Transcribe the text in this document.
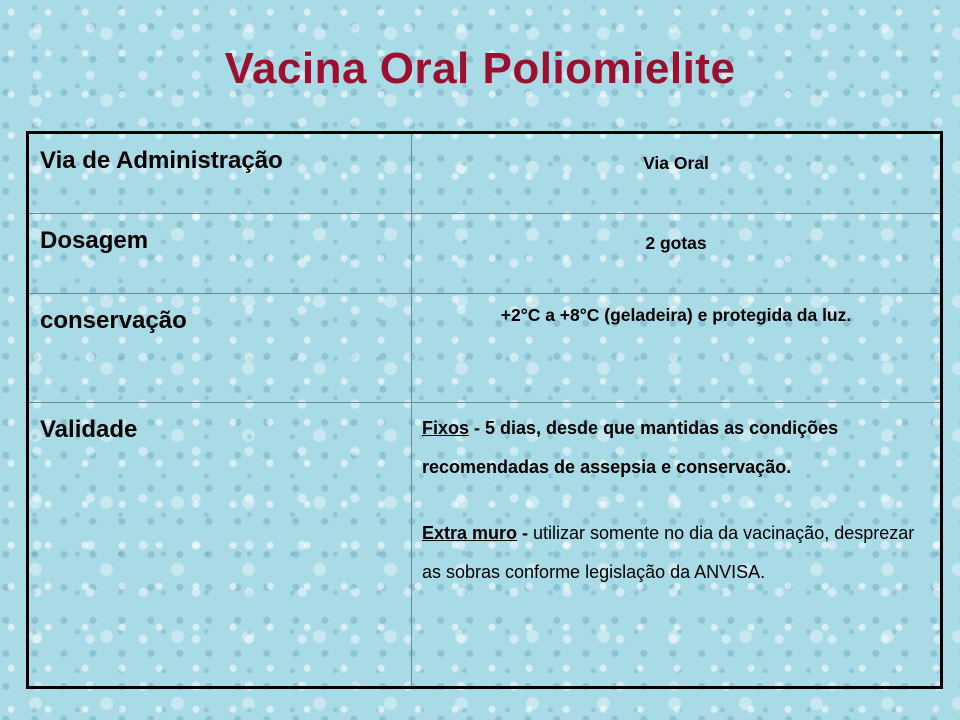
Vacina Oral Poliomielite
Via de Administração	Via Oral

Dosagem	2 gotas

conservação	+2°C a +8°C (geladeira) e protegida da luz.

Validade	Fixos - 5 dias, desde que mantidas as condições recomendadas de assepsia e conservação.
Extra muro - utilizar somente no dia da vacinação, desprezar as sobras conforme legislação da ANVISA.
